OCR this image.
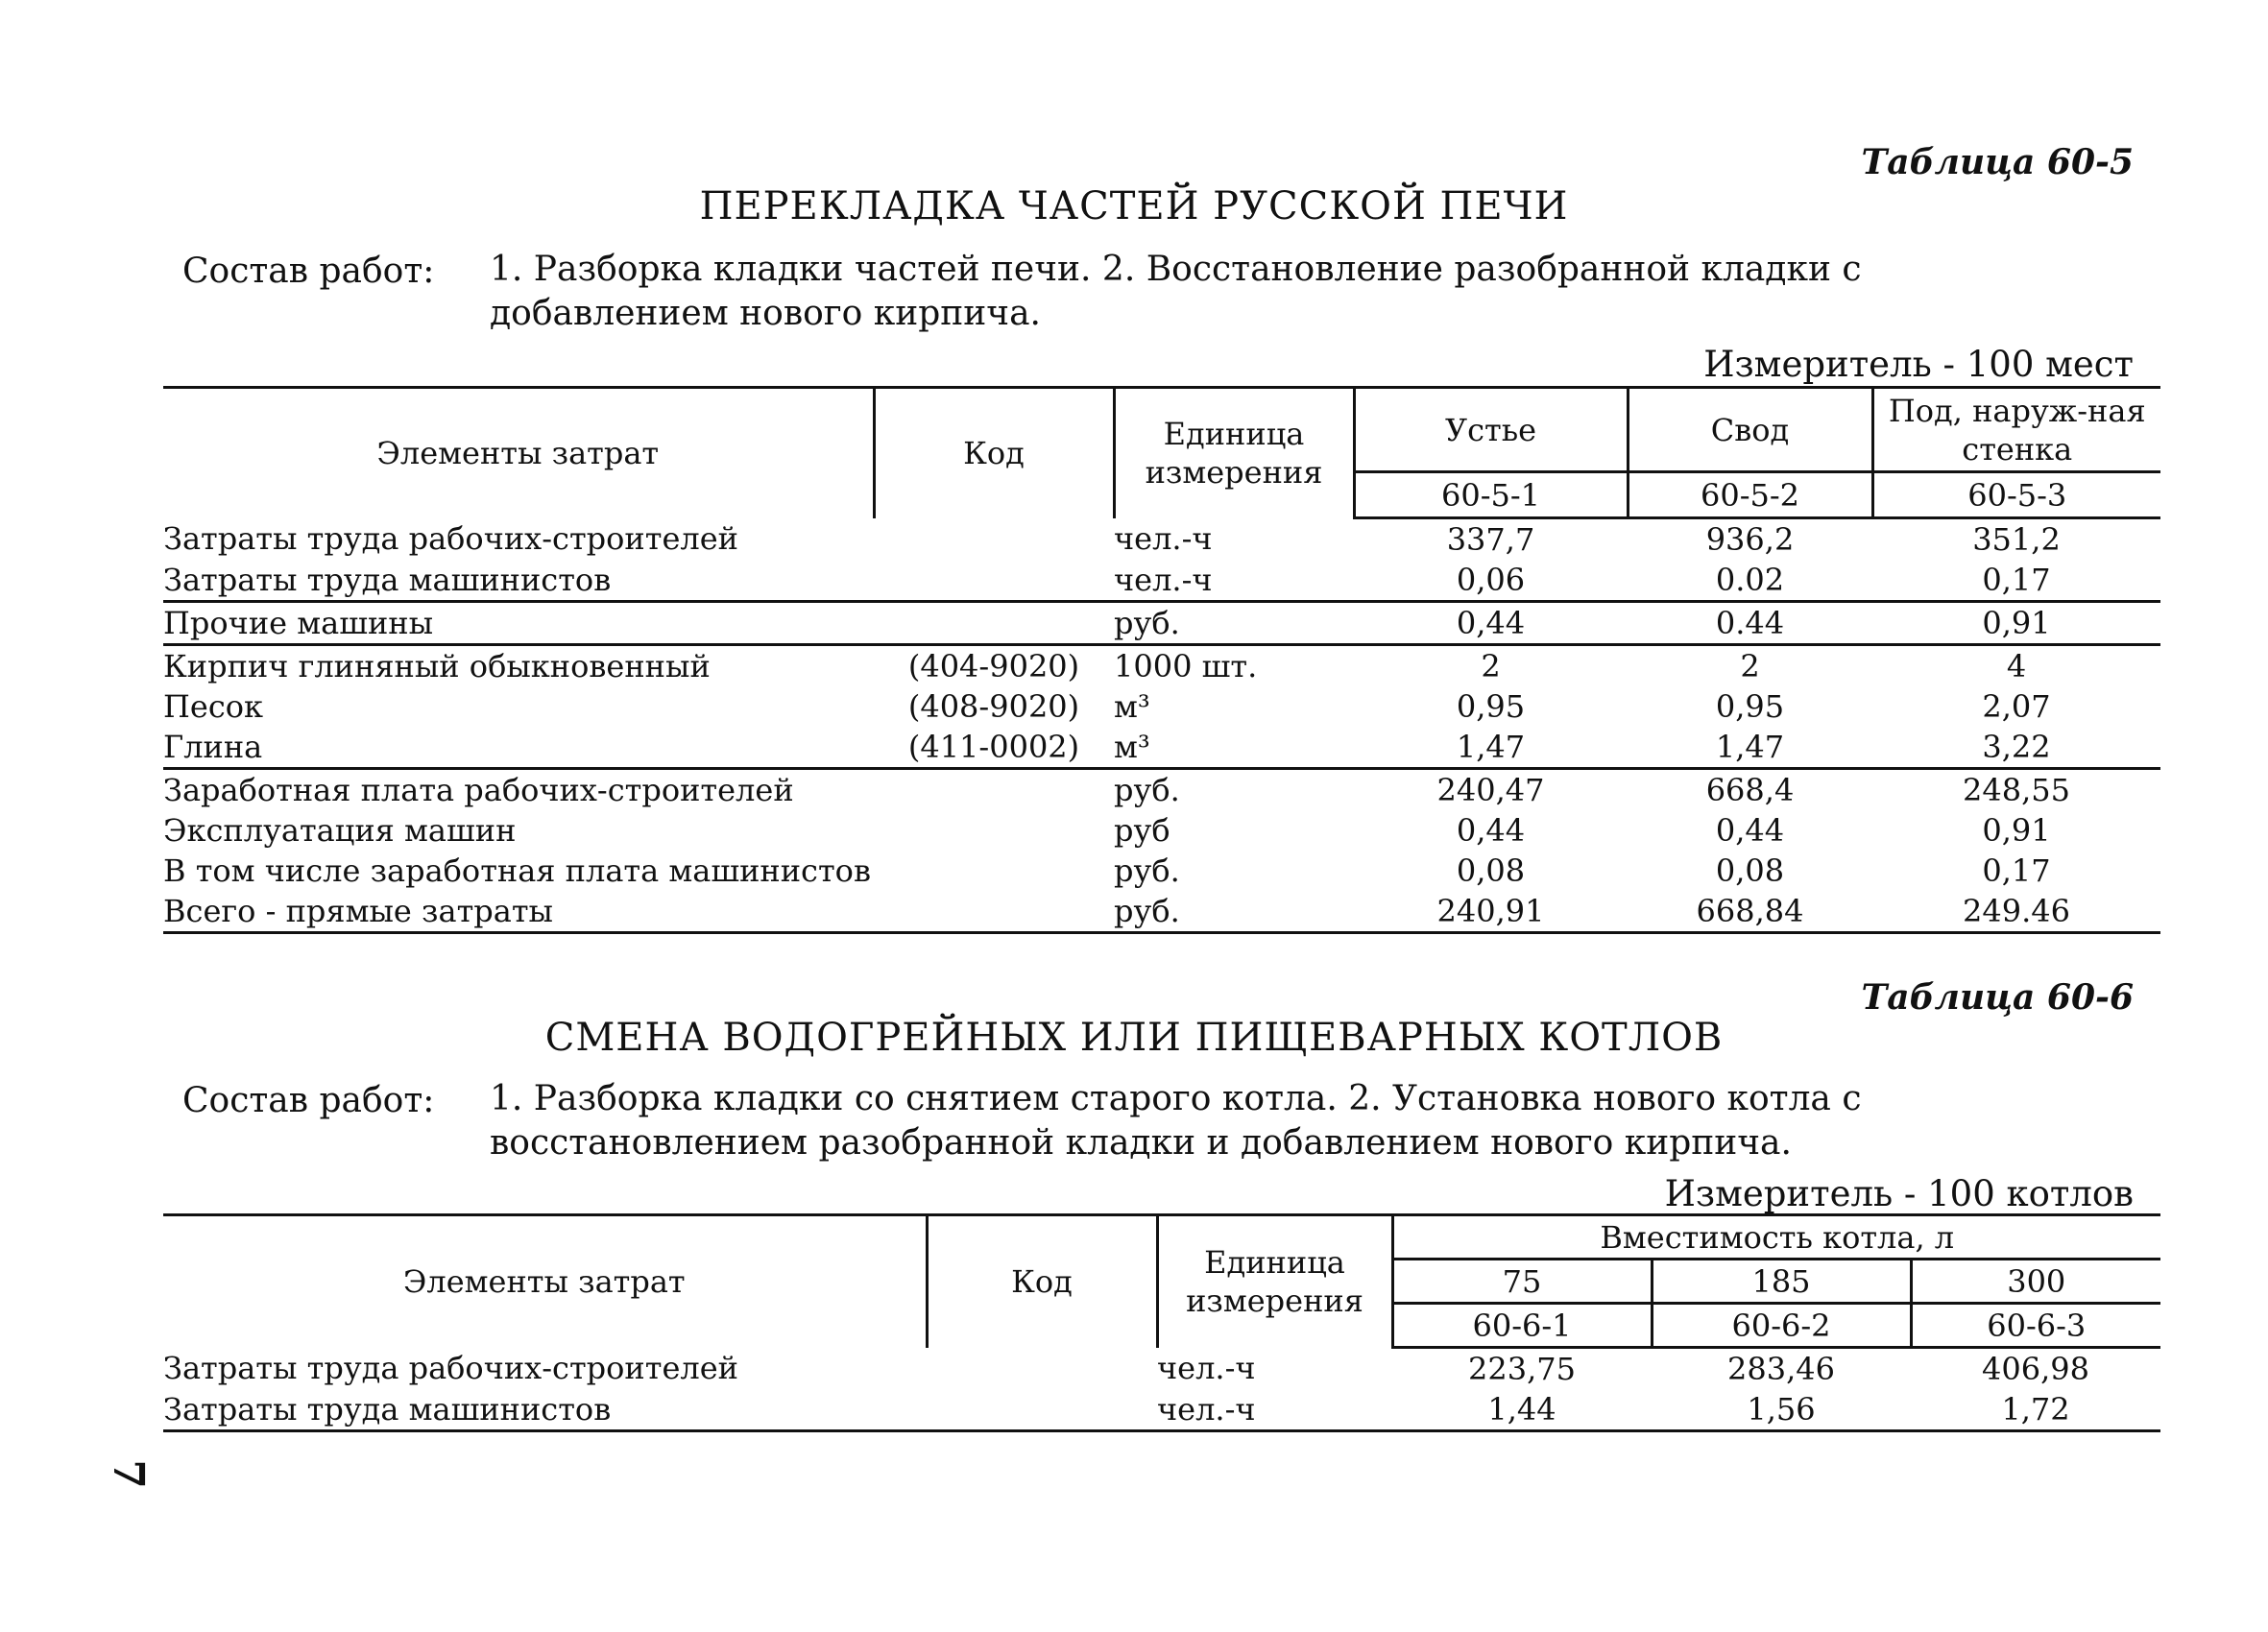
Таблица 60-5
ПЕРЕКЛАДКА ЧАСТЕЙ РУССКОЙ ПЕЧИ
Состав работ: 1. Разборка кладки частей печи. 2. Восстановление разобранной кладки с добавлением нового кирпича.
Измеритель - 100 мест
Элементы затрат	Код	Единица измерения	Устье	Свод	Под, наруж-ная стенка
			60-5-1	60-5-2	60-5-3
Затраты труда рабочих-строителей		чел.-ч	337,7	936,2	351,2
Затраты труда машинистов		чел.-ч	0,06	0.02	0,17
Прочие машины		руб.	0,44	0.44	0,91
Кирпич глиняный обыкновенный	(404-9020)	1000 шт.	2	2	4
Песок	(408-9020)	м³	0,95	0,95	2,07
Глина	(411-0002)	м³	1,47	1,47	3,22
Заработная плата рабочих-строителей		руб.	240,47	668,4	248,55
Эксплуатация машин		руб	0,44	0,44	0,91
В том числе заработная плата машинистов		руб.	0,08	0,08	0,17
Всего - прямые затраты		руб.	240,91	668,84	249.46
Таблица 60-6
СМЕНА ВОДОГРЕЙНЫХ ИЛИ ПИЩЕВАРНЫХ КОТЛОВ
Состав работ: 1. Разборка кладки со снятием старого котла. 2. Установка нового котла с восстановлением разобранной кладки и добавлением нового кирпича.
Измеритель - 100 котлов
Элементы затрат	Код	Единица измерения	Вместимость котла, л		
			75	185	300
			60-6-1	60-6-2	60-6-3
Затраты труда рабочих-строителей		чел.-ч	223,75	283,46	406,98
Затраты труда машинистов		чел.-ч	1,44	1,56	1,72
7
